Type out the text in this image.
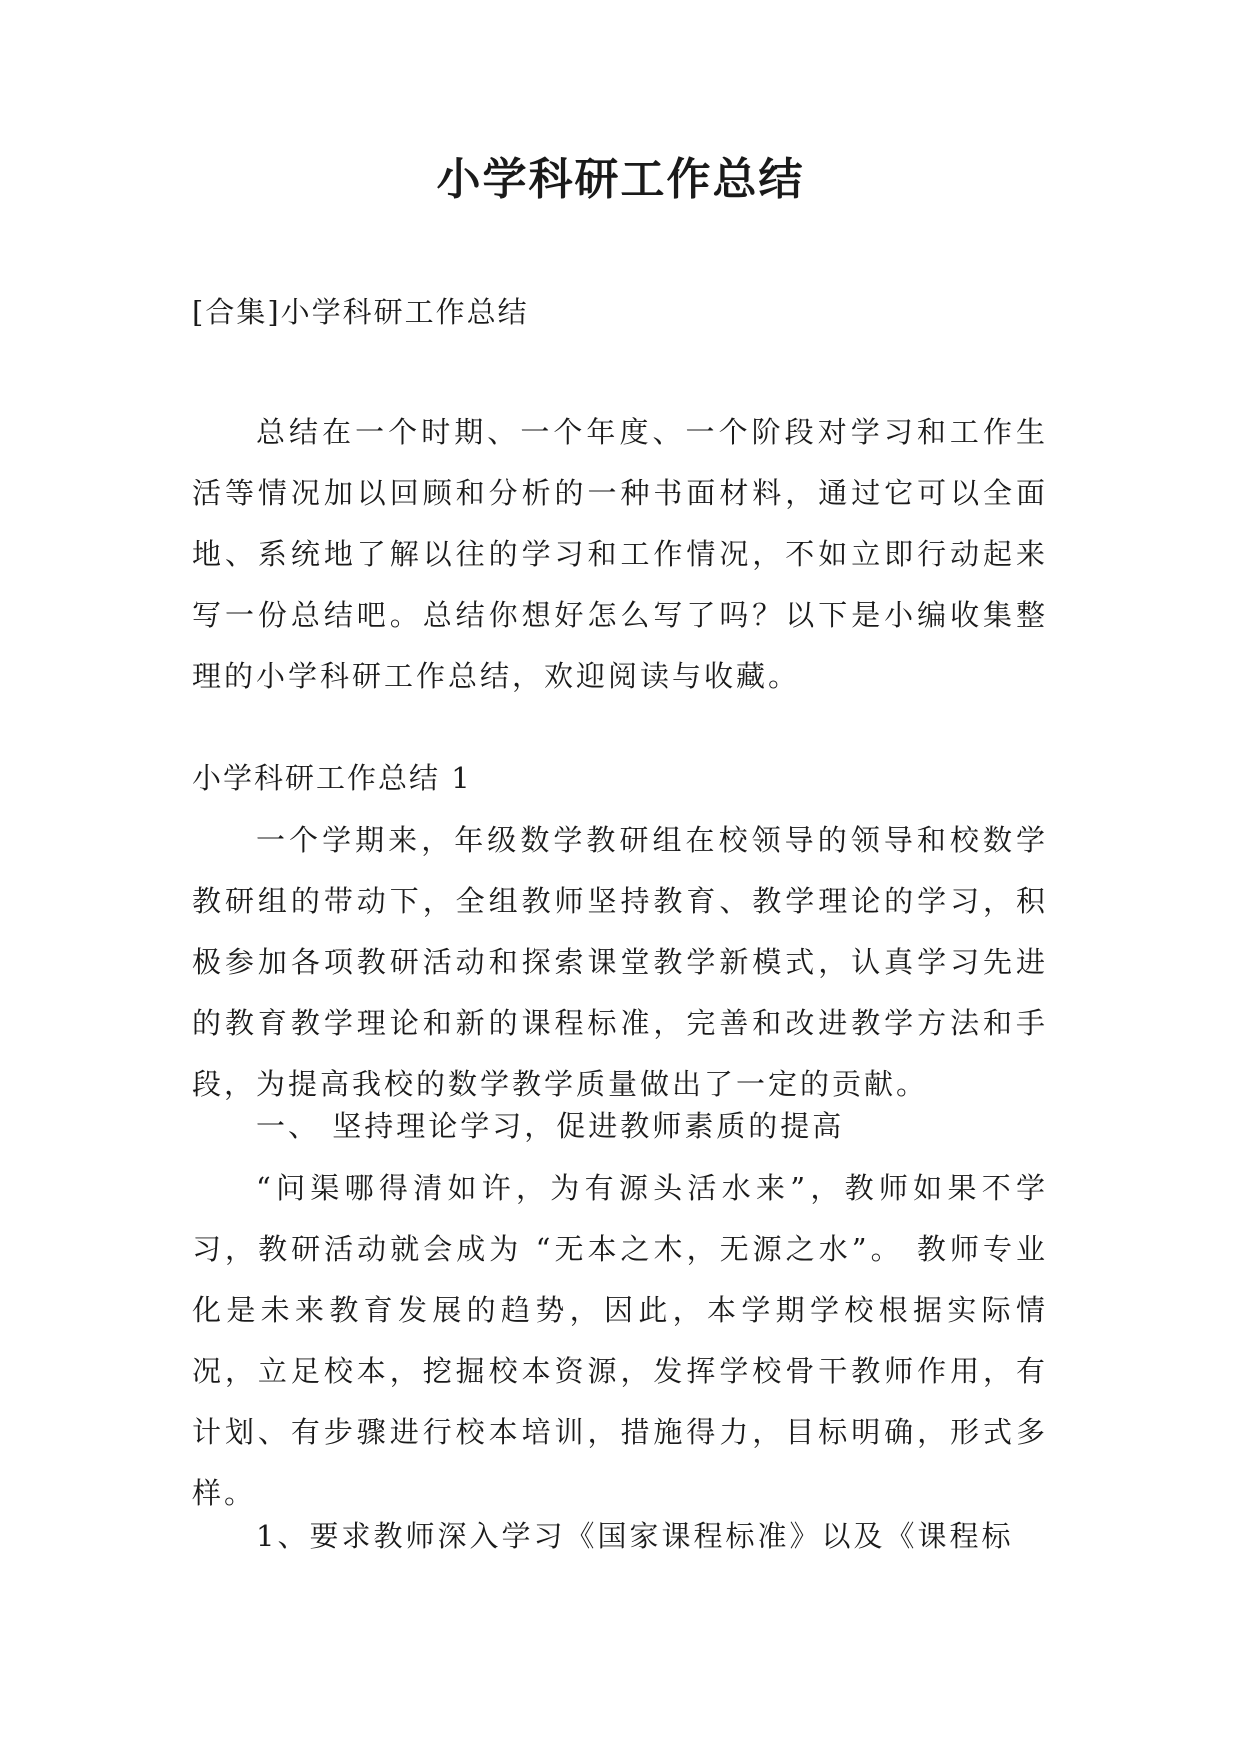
小学科研工作总结

[合集]小学科研工作总结

总结在一个时期、一个年度、一个阶段对学习和工作生活等情况加以回顾和分析的一种书面材料，通过它可以全面地、系统地了解以往的学习和工作情况，不如立即行动起来写一份总结吧。总结你想好怎么写了吗？以下是小编收集整理的小学科研工作总结，欢迎阅读与收藏。

小学科研工作总结 1

一个学期来，年级数学教研组在校领导的领导和校数学教研组的带动下，全组教师坚持教育、教学理论的学习，积极参加各项教研活动和探索课堂教学新模式，认真学习先进的教育教学理论和新的课程标准，完善和改进教学方法和手段，为提高我校的数学教学质量做出了一定的贡献。

一、 坚持理论学习，促进教师素质的提高

“问渠哪得清如许，为有源头活水来”，教师如果不学习，教研活动就会成为 “无本之木，无源之水”。 教师专业化是未来教育发展的趋势，因此，本学期学校根据实际情况，立足校本，挖掘校本资源，发挥学校骨干教师作用，有计划、有步骤进行校本培训，措施得力，目标明确，形式多样。

1、要求教师深入学习《国家课程标准》以及《课程标
